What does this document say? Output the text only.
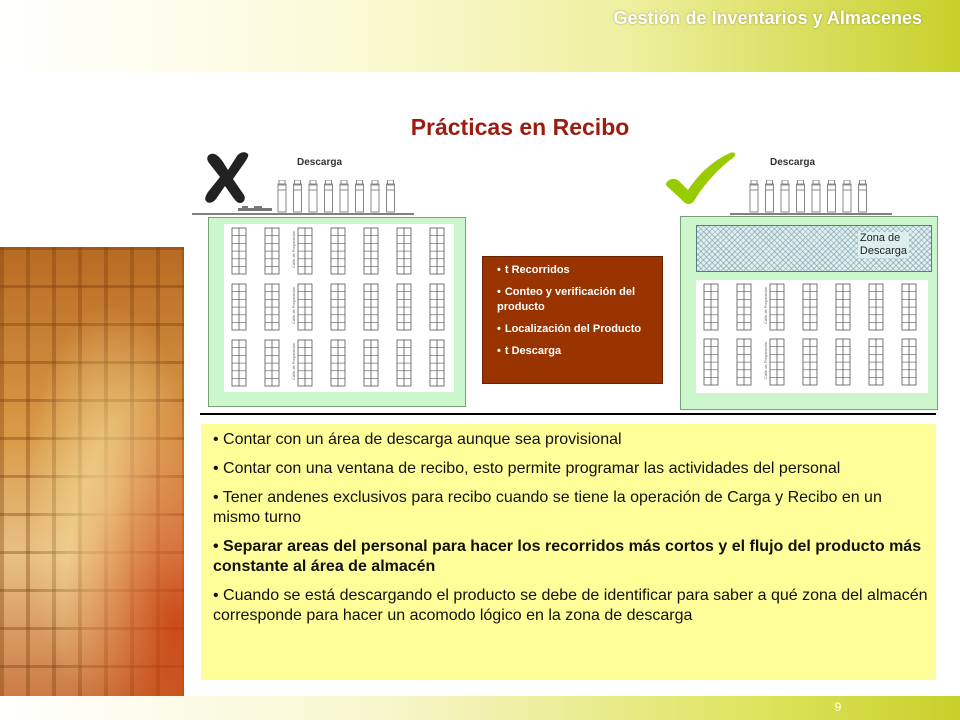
Gestión de Inventarios y Almacenes
Prácticas en Recibo
Descarga
Calle de Preparación
Calle de Preparación
Calle de Preparación
• t Recorridos
• Conteo y verificación del producto
• Localización del Producto
• t Descarga
Descarga
Zona de
Descarga
Calle de Preparación
Calle de Preparación

• Contar con un área de descarga aunque sea provisional

• Contar con una ventana de recibo, esto permite programar las actividades del personal

• Tener andenes exclusivos para recibo cuando se tiene la operación de Carga y Recibo en un mismo turno

• Separar areas del personal para hacer los recorridos más cortos y el flujo del producto más constante al área de almacén

• Cuando se está descargando el producto se debe de identificar para saber a qué zona del almacén corresponde para hacer un acomodo lógico en la zona de descarga

9
